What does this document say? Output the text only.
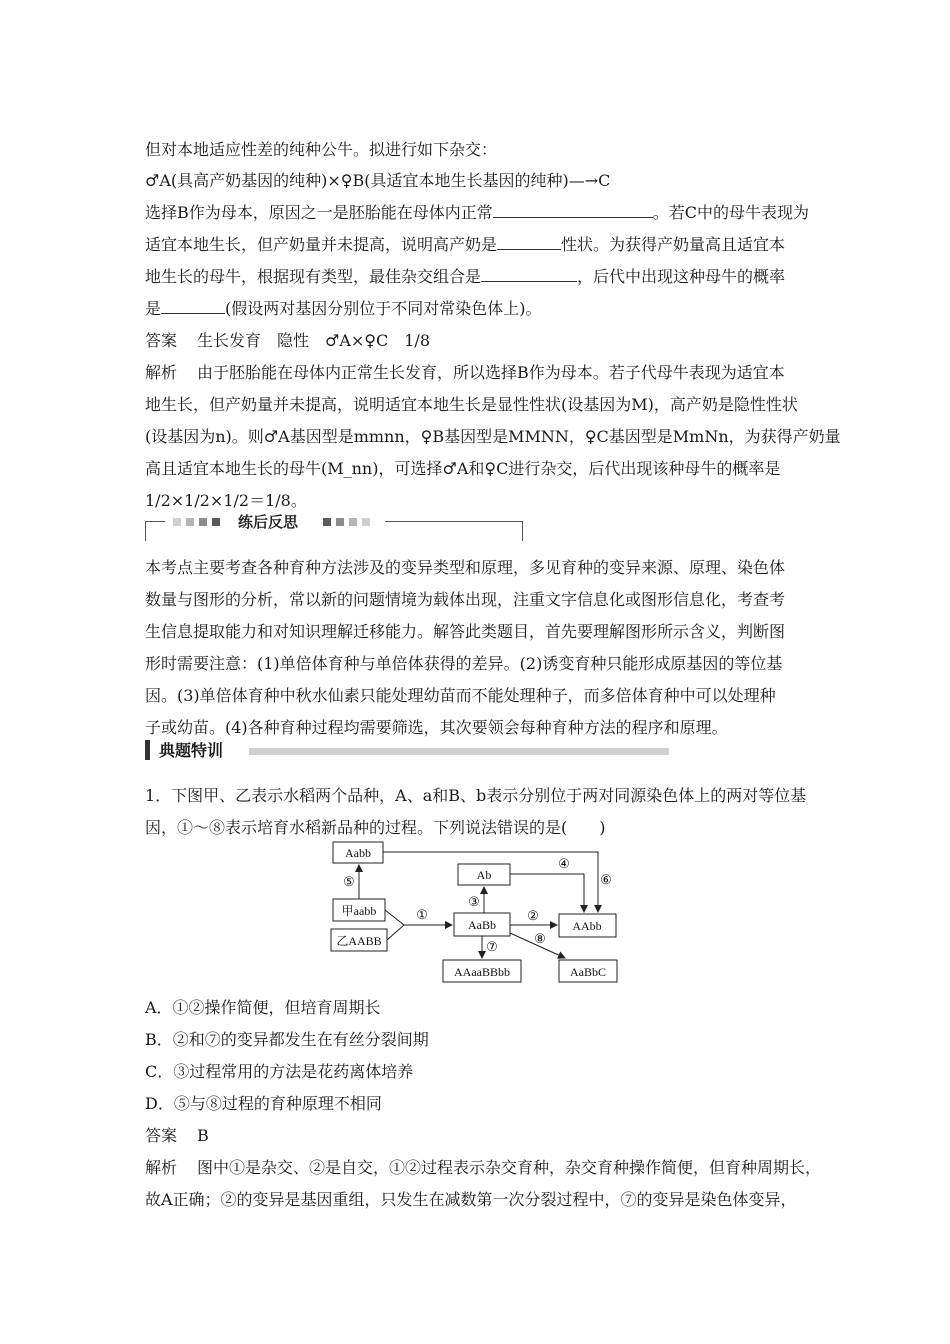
但对本地适应性差的纯种公牛。拟进行如下杂交：
♂A(具高产奶基因的纯种)×♀B(具适宜本地生长基因的纯种)—→C
选择B作为母本，原因之一是胚胎能在母体内正常	。若C中的母牛表现为
适宜本地生长，但产奶量并未提高，说明高产奶是	性状。为获得产奶量高且适宜本
地生长的母牛，根据现有类型，最佳杂交组合是	，后代中出现这种母牛的概率
是	(假设两对基因分别位于不同对常染色体上)。
答案 生长发育　隐性　♂A×♀C　1/8
解析 由于胚胎能在母体内正常生长发育，所以选择B作为母本。若子代母牛表现为适宜本
地生长，但产奶量并未提高，说明适宜本地生长是显性性状(设基因为M)，高产奶是隐性性状
(设基因为n)。则♂A基因型是mmnn，♀B基因型是MMNN，♀C基因型是MmNn，为获得产奶量
高且适宜本地生长的母牛(M_nn)，可选择♂A和♀C进行杂交，后代出现该种母牛的概率是
1/2×1/2×1/2＝1/8。
练后反思
本考点主要考查各种育种方法涉及的变异类型和原理，多见育种的变异来源、原理、染色体
数量与图形的分析，常以新的问题情境为载体出现，注重文字信息化或图形信息化，考查考
生信息提取能力和对知识理解迁移能力。解答此类题目，首先要理解图形所示含义，判断图
形时需要注意：(1)单倍体育种与单倍体获得的差异。(2)诱变育种只能形成原基因的等位基
因。(3)单倍体育种中秋水仙素只能处理幼苗而不能处理种子，而多倍体育种中可以处理种
子或幼苗。(4)各种育种过程均需要筛选，其次要领会每种育种方法的程序和原理。
典题特训
1．下图甲、乙表示水稻两个品种，A、a和B、b表示分别位于两对同源染色体上的两对等位基
因，①～⑧表示培育水稻新品种的过程。下列说法错误的是(　　)
Aabb
甲aabb
乙AABB
Ab
AaBb	AAbb
AAaaBBbb	AaBbC
⑤	⑥
①
③
④
②
⑦
⑧
A．①②操作简便，但培育周期长
B．②和⑦的变异都发生在有丝分裂间期
C．③过程常用的方法是花药离体培养
D．⑤与⑧过程的育种原理不相同
答案 B
解析 图中①是杂交、②是自交，①②过程表示杂交育种，杂交育种操作简便，但育种周期长，
故A正确；②的变异是基因重组，只发生在减数第一次分裂过程中，⑦的变异是染色体变异，
